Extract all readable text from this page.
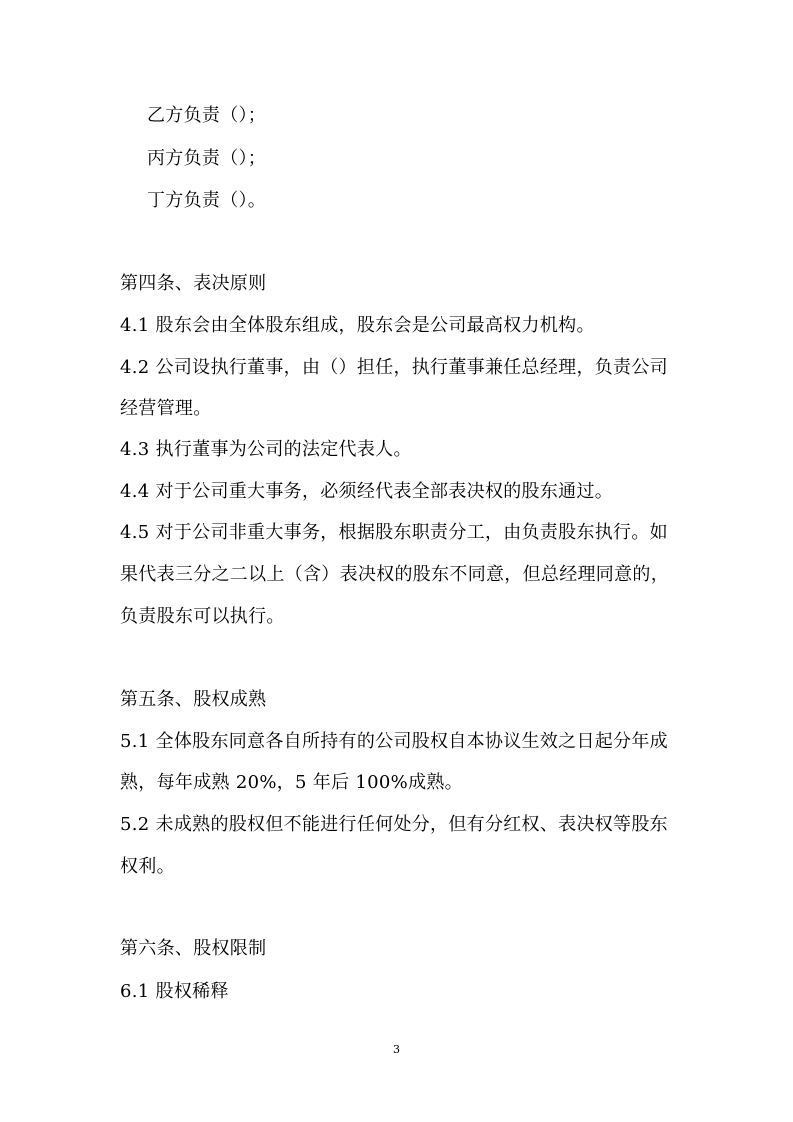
乙方负责（）；
丙方负责（）；
丁方负责（）。
第四条、表决原则
4.1 股东会由全体股东组成，股东会是公司最高权力机构。
4.2 公司设执行董事，由（）担任，执行董事兼任总经理，负责公司
经营管理。
4.3 执行董事为公司的法定代表人。
4.4 对于公司重大事务，必须经代表全部表决权的股东通过。
4.5 对于公司非重大事务，根据股东职责分工，由负责股东执行。如
果代表三分之二以上（含）表决权的股东不同意，但总经理同意的，
负责股东可以执行。
第五条、股权成熟
5.1 全体股东同意各自所持有的公司股权自本协议生效之日起分年成
熟，每年成熟 20%，5 年后 100%成熟。
5.2 未成熟的股权但不能进行任何处分，但有分红权、表决权等股东
权利。
第六条、股权限制
6.1 股权稀释
3
